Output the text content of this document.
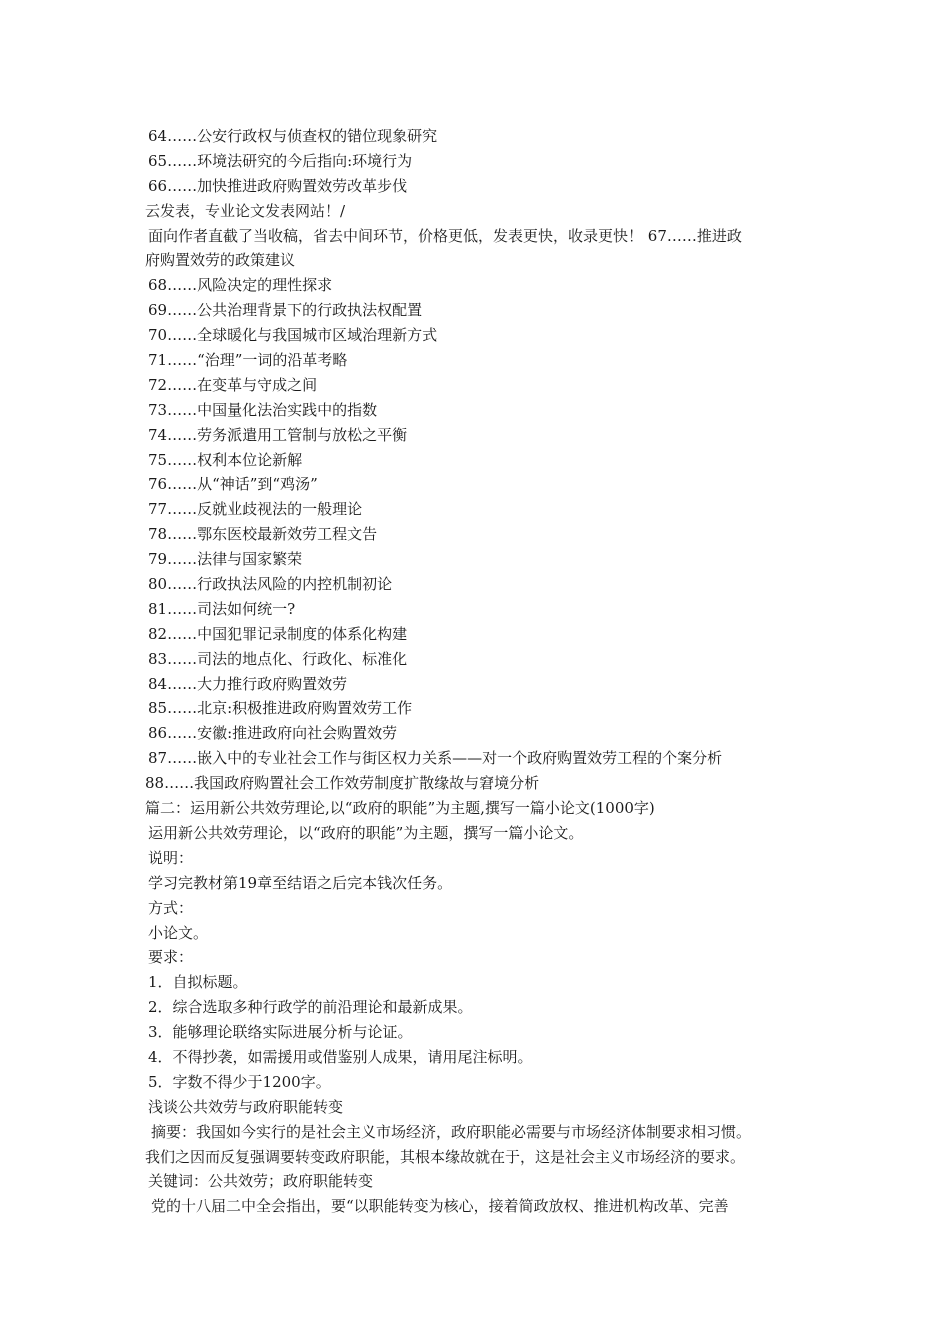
64……公安行政权与侦查权的错位现象研究
65……环境法研究的今后指向:环境行为
66……加快推进政府购置效劳改革步伐
云发表，专业论文发表网站！/
面向作者直截了当收稿，省去中间环节，价格更低，发表更快，收录更快！ 67……推进政
府购置效劳的政策建议
68……风险决定的理性探求
69……公共治理背景下的行政执法权配置
70……全球暖化与我国城市区域治理新方式
71……“治理”一词的沿革考略
72……在变革与守成之间
73……中国量化法治实践中的指数
74……劳务派遣用工管制与放松之平衡
75……权利本位论新解
76……从“神话”到“鸡汤”
77……反就业歧视法的一般理论
78……鄂东医校最新效劳工程文告
79……法律与国家繁荣
80……行政执法风险的内控机制初论
81……司法如何统一?
82……中国犯罪记录制度的体系化构建
83……司法的地点化、行政化、标准化
84……大力推行政府购置效劳
85……北京:积极推进政府购置效劳工作
86……安徽:推进政府向社会购置效劳
87……嵌入中的专业社会工作与街区权力关系——对一个政府购置效劳工程的个案分析
88……我国政府购置社会工作效劳制度扩散缘故与窘境分析
篇二：运用新公共效劳理论,以“政府的职能”为主题,撰写一篇小论文(1000字)
运用新公共效劳理论，以“政府的职能”为主题，撰写一篇小论文。
说明：
学习完教材第19章至结语之后完本钱次任务。
方式：
小论文。
要求：
1．自拟标题。
2．综合选取多种行政学的前沿理论和最新成果。
3．能够理论联络实际进展分析与论证。
4．不得抄袭，如需援用或借鉴别人成果，请用尾注标明。
5．字数不得少于1200字。
浅谈公共效劳与政府职能转变
摘要：我国如今实行的是社会主义市场经济，政府职能必需要与市场经济体制要求相习惯。
我们之因而反复强调要转变政府职能，其根本缘故就在于，这是社会主义市场经济的要求。
关键词：公共效劳；政府职能转变
党的十八届二中全会指出，要“以职能转变为核心，接着简政放权、推进机构改革、完善
